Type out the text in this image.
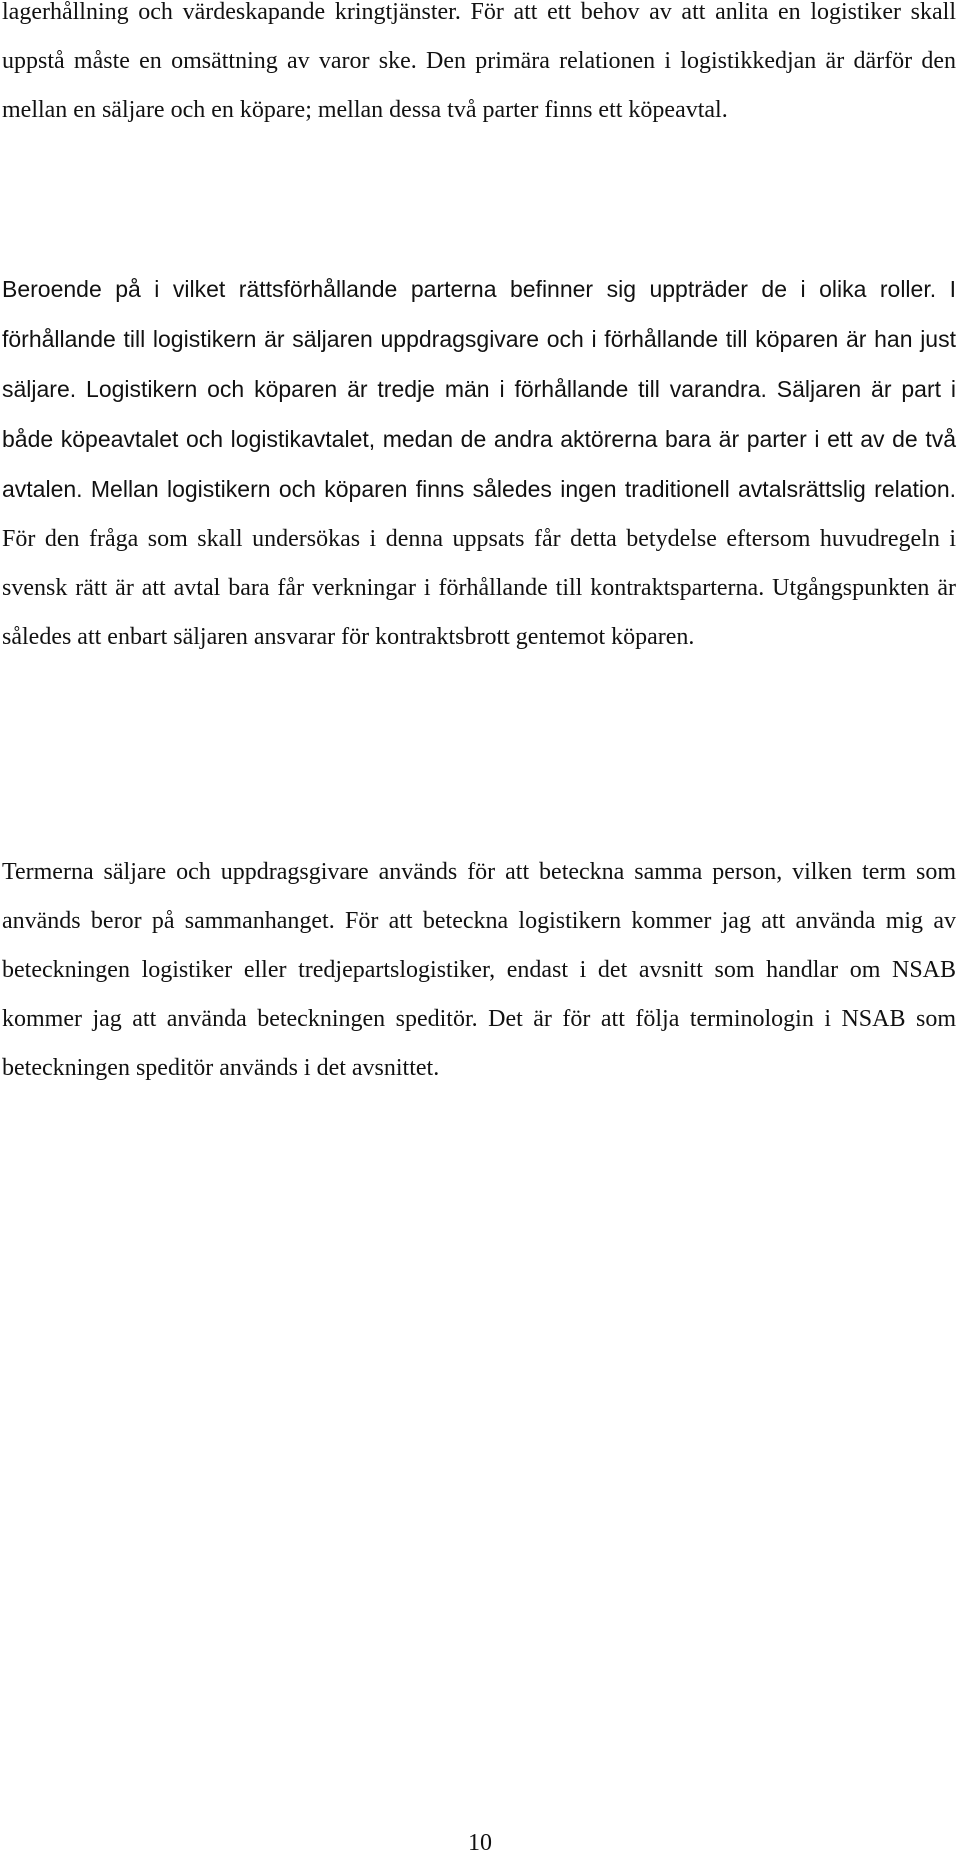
lagerhållning och värdeskapande kringtjänster. För att ett behov av att anlita en logistiker skall uppstå måste en omsättning av varor ske. Den primära relationen i logistikkedjan är därför den mellan en säljare och en köpare; mellan dessa två parter finns ett köpeavtal.

Beroende på i vilket rättsförhållande parterna befinner sig uppträder de i olika roller. I förhållande till logistikern är säljaren uppdragsgivare och i förhållande till köparen är han just säljare. Logistikern och köparen är tredje män i förhållande till varandra. Säljaren är part i både köpeavtalet och logistikavtalet, medan de andra aktörerna bara är parter i ett av de två avtalen. Mellan logistikern och köparen finns således ingen traditionell avtalsrättslig relation. För den fråga som skall undersökas i denna uppsats får detta betydelse eftersom huvudregeln i svensk rätt är att avtal bara får verkningar i förhållande till kontraktsparterna. Utgångspunkten är således att enbart säljaren ansvarar för kontraktsbrott gentemot köparen.

Termerna säljare och uppdragsgivare används för att beteckna samma person, vilken term som används beror på sammanhanget. För att beteckna logistikern kommer jag att använda mig av beteckningen logistiker eller tredjepartslogistiker, endast i det avsnitt som handlar om NSAB kommer jag att använda beteckningen speditör. Det är för att följa terminologin i NSAB som beteckningen speditör används i det avsnittet.

10
